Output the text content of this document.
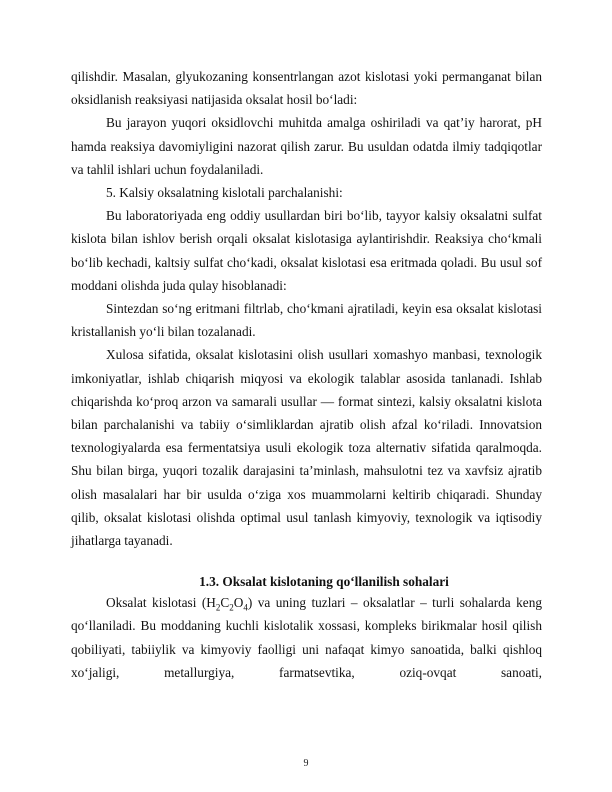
qilishdir. Masalan, glyukozaning konsentrlangan azot kislotasi yoki permanganat bilan oksidlanish reaksiyasi natijasida oksalat hosil bo‘ladi:

Bu jarayon yuqori oksidlovchi muhitda amalga oshiriladi va qat’iy harorat, pH hamda reaksiya davomiyligini nazorat qilish zarur. Bu usuldan odatda ilmiy tadqiqotlar va tahlil ishlari uchun foydalaniladi.

5. Kalsiy oksalatning kislotali parchalanishi:

Bu laboratoriyada eng oddiy usullardan biri bo‘lib, tayyor kalsiy oksalatni sulfat kislota bilan ishlov berish orqali oksalat kislotasiga aylantirishdir. Reaksiya cho‘kmali bo‘lib kechadi, kaltsiy sulfat cho‘kadi, oksalat kislotasi esa eritmada qoladi. Bu usul sof moddani olishda juda qulay hisoblanadi:

Sintezdan so‘ng eritmani filtrlab, cho‘kmani ajratiladi, keyin esa oksalat kislotasi kristallanish yo‘li bilan tozalanadi.

Xulosa sifatida, oksalat kislotasini olish usullari xomashyo manbasi, texnologik imkoniyatlar, ishlab chiqarish miqyosi va ekologik talablar asosida tanlanadi. Ishlab chiqarishda ko‘proq arzon va samarali usullar — format sintezi, kalsiy oksalatni kislota bilan parchalanishi va tabiiy o‘simliklardan ajratib olish afzal ko‘riladi. Innovatsion texnologiyalarda esa fermentatsiya usuli ekologik toza alternativ sifatida qaralmoqda. Shu bilan birga, yuqori tozalik darajasini ta’minlash, mahsulotni tez va xavfsiz ajratib olish masalalari har bir usulda o‘ziga xos muammolarni keltirib chiqaradi. Shunday qilib, oksalat kislotasi olishda optimal usul tanlash kimyoviy, texnologik va iqtisodiy jihatlarga tayanadi.

1.3. Oksalat kislotaning qo‘llanilish sohalari

Oksalat kislotasi $(H_2C_2O_4)$ va uning tuzlari – oksalatlar – turli sohalarda keng qo‘llaniladi. Bu moddaning kuchli kislotalik xossasi, kompleks birikmalar hosil qilish qobiliyati, tabiiylik va kimyoviy faolligi uni nafaqat kimyo sanoatida, balki qishloq xo‘jaligi, metallurgiya, farmatsevtika, oziq-ovqat sanoati,

9
